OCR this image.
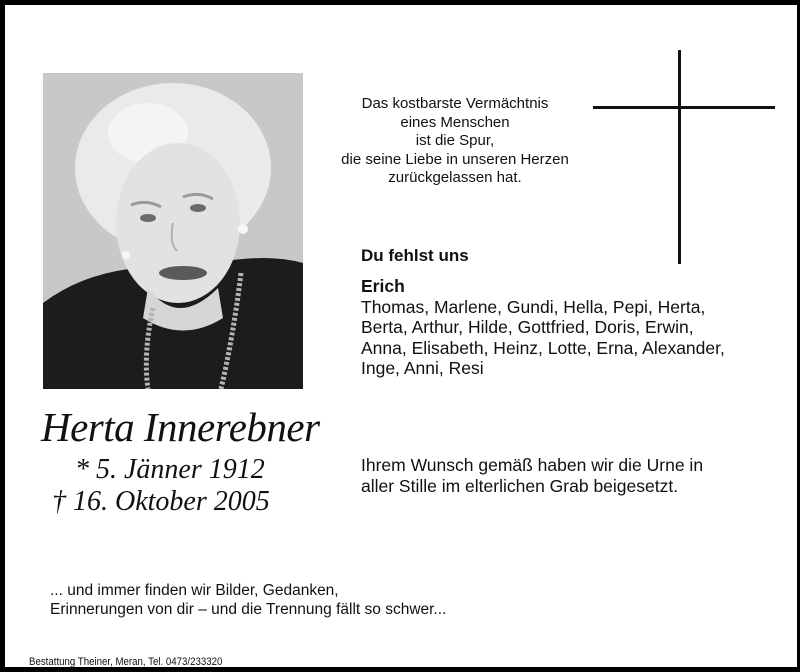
Das kostbarste Vermächtnis
eines Menschen
ist die Spur,
die seine Liebe in unseren Herzen
zurückgelassen hat.
Du fehlst uns
Erich
Thomas, Marlene, Gundi, Hella, Pepi, Herta,
Berta, Arthur, Hilde, Gottfried, Doris, Erwin,
Anna, Elisabeth, Heinz, Lotte, Erna, Alexander,
Inge, Anni, Resi
Herta Innerebner
* 5. Jänner 1912
† 16. Oktober 2005
Ihrem Wunsch gemäß haben wir die Urne in
aller Stille im elterlichen Grab beigesetzt.
... und immer finden wir Bilder, Gedanken,
Erinnerungen von dir – und die Trennung fällt so schwer...
Bestattung Theiner, Meran, Tel. 0473/233320
